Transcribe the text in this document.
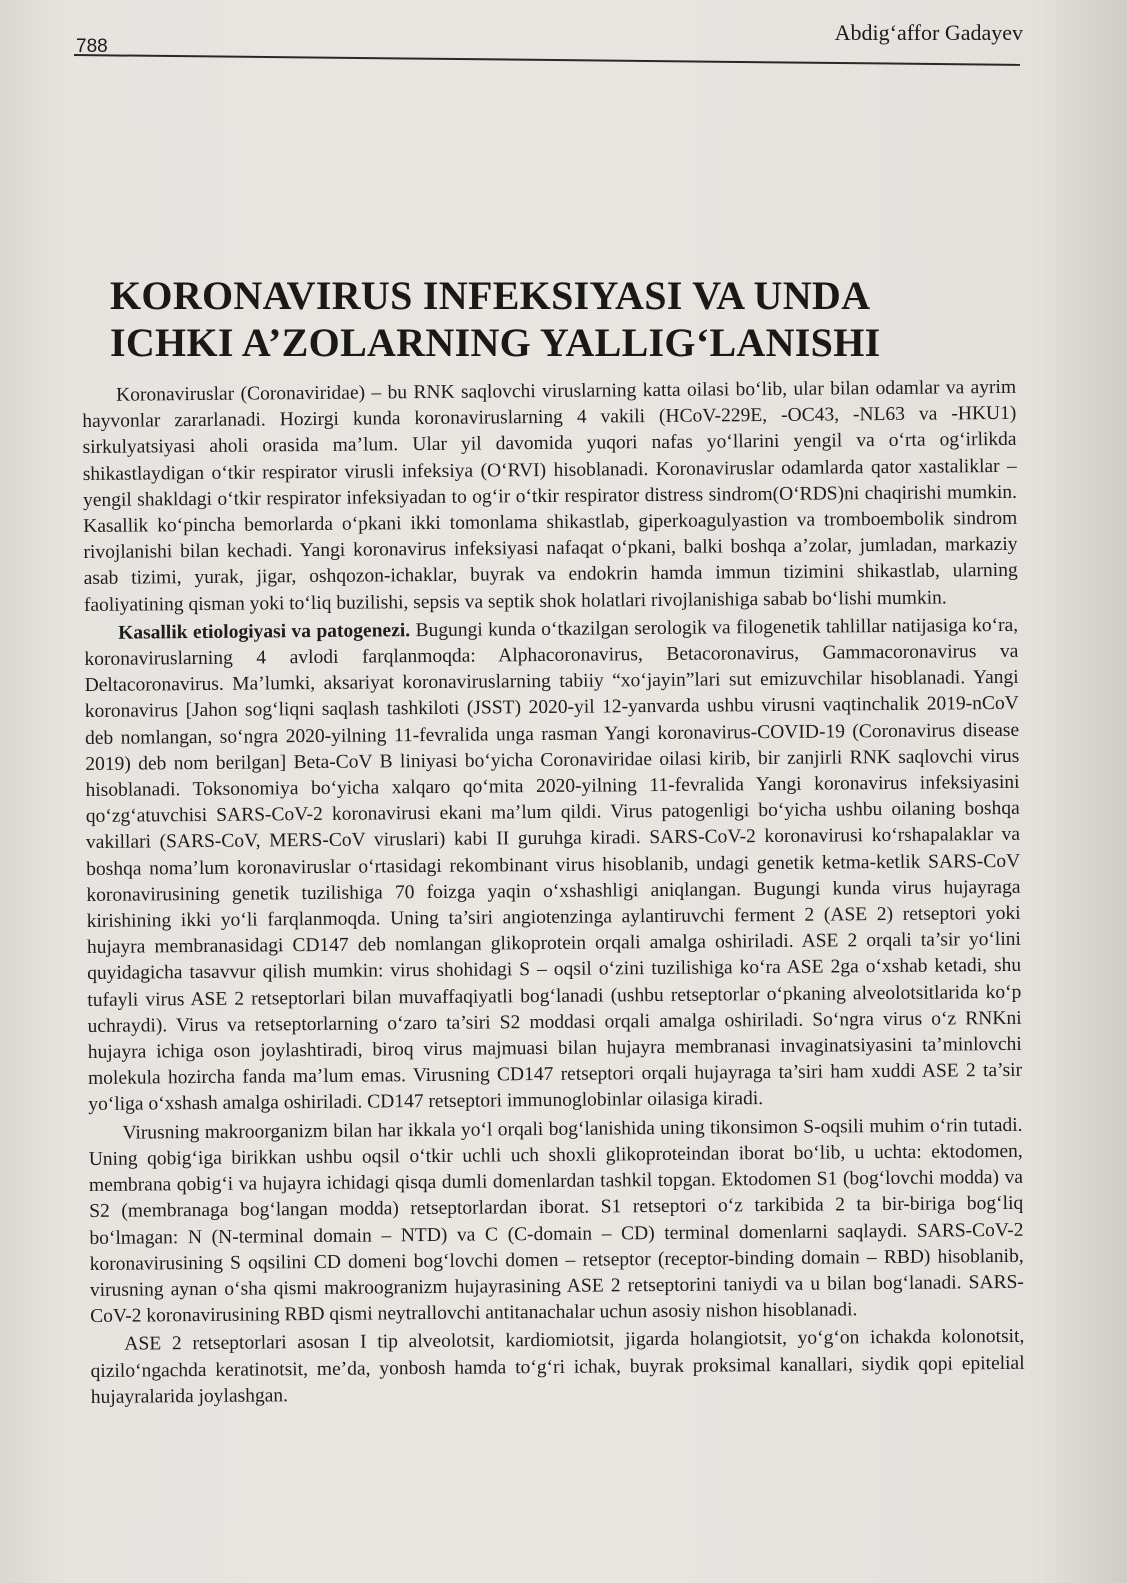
788
Abdig‘affor Gadayev
KORONAVIRUS INFEKSIYASI VA UNDA
ICHKI A’ZOLARNING YALLIG‘LANISHI

Koronaviruslar (Coronaviridae) – bu RNK saqlovchi viruslarning katta oilasi bo‘lib, ular bilan odamlar va ayrim hayvonlar zararlanadi. Hozirgi kunda koronaviruslarning 4 vakili (HCoV-229E, -OC43, -NL63 va -HKU1) sirkulyatsiyasi aholi orasida ma’lum. Ular yil davomida yuqori nafas yo‘llarini yengil va o‘rta og‘irlikda shikastlaydigan o‘tkir respirator virusli infeksiya (O‘RVI) hisoblanadi. Koronaviruslar odamlarda qator xastaliklar – yengil shakldagi o‘tkir respirator infeksiyadan to og‘ir o‘tkir respirator distress sindrom(O‘RDS)ni chaqirishi mumkin. Kasallik ko‘pincha bemorlarda o‘pkani ikki tomonlama shikastlab, giperkoagulyastion va tromboembolik sindrom rivojlanishi bilan kechadi. Yangi koronavirus infeksiyasi nafaqat o‘pkani, balki boshqa a’zolar, jumladan, markaziy asab tizimi, yurak, jigar, oshqozon-ichaklar, buyrak va endokrin hamda immun tizimini shikastlab, ularning faoliyatining qisman yoki to‘liq buzilishi, sepsis va septik shok holatlari rivojlanishiga sabab bo‘lishi mumkin.

Kasallik etiologiyasi va patogenezi. Bugungi kunda o‘tkazilgan serologik va filogenetik tahlillar natijasiga ko‘ra, koronaviruslarning 4 avlodi farqlanmoqda: Alphacoronavirus, Betacoronavirus, Gammacoronavirus va Deltacoronavirus. Ma’lumki, aksariyat koronaviruslarning tabiiy “xo‘jayin”lari sut emizuvchilar hisoblanadi. Yangi koronavirus [Jahon sog‘liqni saqlash tashkiloti (JSST) 2020-yil 12-yanvarda ushbu virusni vaqtinchalik 2019-nCoV deb nomlangan, so‘ngra 2020-yilning 11-fevralida unga rasman Yangi koronavirus-COVID-19 (Coronavirus disease 2019) deb nom berilgan] Beta-CoV B liniyasi bo‘yicha Coronaviridae oilasi kirib, bir zanjirli RNK saqlovchi virus hisoblanadi. Toksonomiya bo‘yicha xalqaro qo‘mita 2020-yilning 11-fevralida Yangi koronavirus infeksiyasini qo‘zg‘atuvchisi SARS-CoV-2 koronavirusi ekani ma’lum qildi. Virus patogenligi bo‘yicha ushbu oilaning boshqa vakillari (SARS-CoV, MERS-CoV viruslari) kabi II guruhga kiradi. SARS-CoV-2 koronavirusi ko‘rshapalaklar va boshqa noma’lum koronaviruslar o‘rtasidagi rekombinant virus hisoblanib, undagi genetik ketma-ketlik SARS-CoV koronavirusining genetik tuzilishiga 70 foizga yaqin o‘xshashligi aniqlangan. Bugungi kunda virus hujayraga kirishining ikki yo‘li farqlanmoqda. Uning ta’siri angiotenzinga aylantiruvchi ferment 2 (ASE 2) retseptori yoki hujayra membranasidagi CD147 deb nomlangan glikoprotein orqali amalga oshiriladi. ASE 2 orqali ta’sir yo‘lini quyidagicha tasavvur qilish mumkin: virus shohidagi S – oqsil o‘zini tuzilishiga ko‘ra ASE 2ga o‘xshab ketadi, shu tufayli virus ASE 2 retseptorlari bilan muvaffaqiyatli bog‘lanadi (ushbu retseptorlar o‘pkaning alveolotsitlarida ko‘p uchraydi). Virus va retseptorlarning o‘zaro ta’siri S2 moddasi orqali amalga oshiriladi. So‘ngra virus o‘z RNKni hujayra ichiga oson joylashtiradi, biroq virus majmuasi bilan hujayra membranasi invaginatsiyasini ta’minlovchi molekula hozircha fanda ma’lum emas. Virusning CD147 retseptori orqali hujayraga ta’siri ham xuddi ASE 2 ta’sir yo‘liga o‘xshash amalga oshiriladi. CD147 retseptori immunoglobinlar oilasiga kiradi.

Virusning makroorganizm bilan har ikkala yo‘l orqali bog‘lanishida uning tikonsimon S-oqsili muhim o‘rin tutadi. Uning qobig‘iga birikkan ushbu oqsil o‘tkir uchli uch shoxli glikoproteindan iborat bo‘lib, u uchta: ektodomen, membrana qobig‘i va hujayra ichidagi qisqa dumli domenlardan tashkil topgan. Ektodomen S1 (bog‘lovchi modda) va S2 (membranaga bog‘langan modda) retseptorlardan iborat. S1 retseptori o‘z tarkibida 2 ta bir-biriga bog‘liq bo‘lmagan: N (N-terminal domain – NTD) va C (C-domain – CD) terminal domenlarni saqlaydi. SARS-CoV-2 koronavirusining S oqsilini CD domeni bog‘lovchi domen – retseptor (receptor-binding domain – RBD) hisoblanib, virusning aynan o‘sha qismi makroogranizm hujayrasining ASE 2 retseptorini taniydi va u bilan bog‘lanadi. SARS-CoV-2 koronavirusining RBD qismi neytrallovchi antitanachalar uchun asosiy nishon hisoblanadi.

ASE 2 retseptorlari asosan I tip alveolotsit, kardiomiotsit, jigarda holangiotsit, yo‘g‘on ichakda kolonotsit, qizilo‘ngachda keratinotsit, me’da, yonbosh hamda to‘g‘ri ichak, buyrak proksimal kanallari, siydik qopi epitelial hujayralarida joylashgan.
